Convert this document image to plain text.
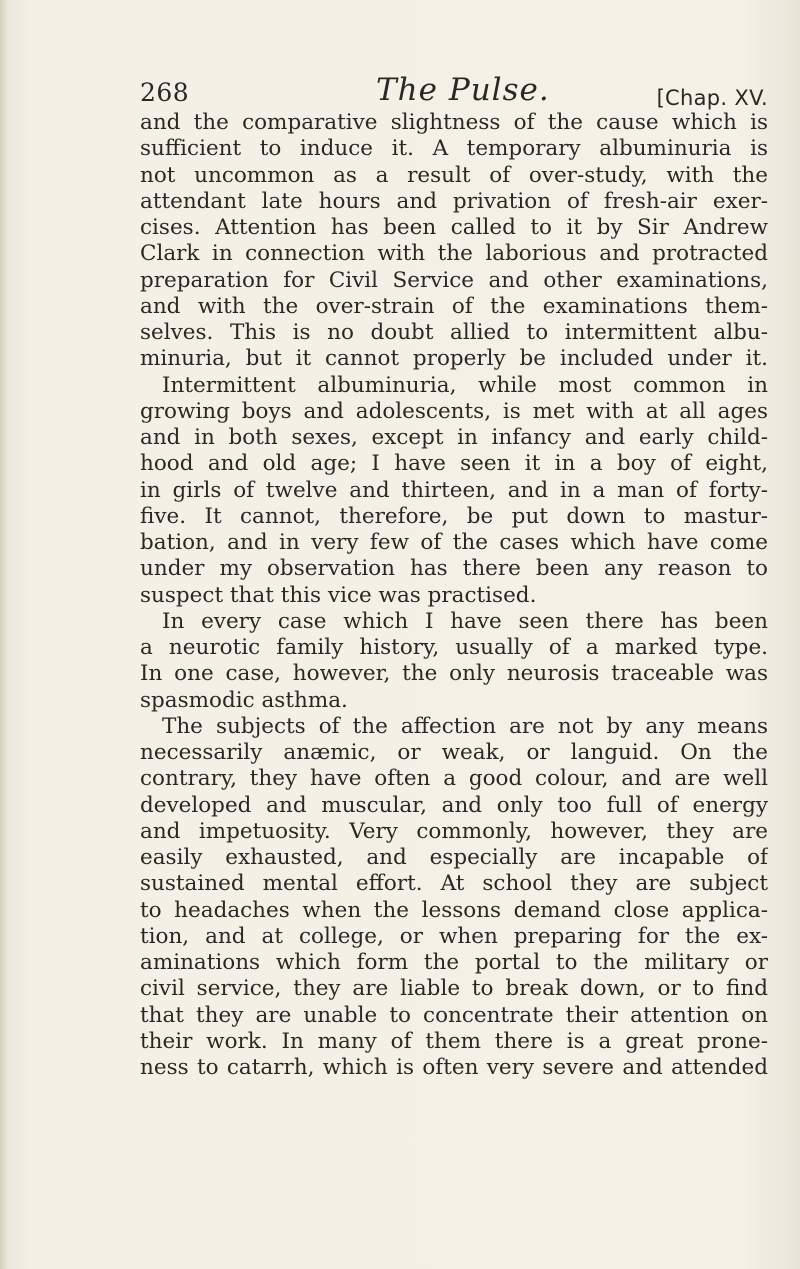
268	The Pulse.	[Chap. XV.
and the comparative slightness of the cause which is
sufficient to induce it. A temporary albuminuria is
not uncommon as a result of over-study, with the
attendant late hours and privation of fresh-air exer-
cises. Attention has been called to it by Sir Andrew
Clark in connection with the laborious and protracted
preparation for Civil Service and other examinations,
and with the over-strain of the examinations them-
selves. This is no doubt allied to intermittent albu-
minuria, but it cannot properly be included under it.
Intermittent albuminuria, while most common in
growing boys and adolescents, is met with at all ages
and in both sexes, except in infancy and early child-
hood and old age; I have seen it in a boy of eight,
in girls of twelve and thirteen, and in a man of forty-
five. It cannot, therefore, be put down to mastur-
bation, and in very few of the cases which have come
under my observation has there been any reason to
suspect that this vice was practised.
In every case which I have seen there has been
a neurotic family history, usually of a marked type.
In one case, however, the only neurosis traceable was
spasmodic asthma.
The subjects of the affection are not by any means
necessarily anæmic, or weak, or languid. On the
contrary, they have often a good colour, and are well
developed and muscular, and only too full of energy
and impetuosity. Very commonly, however, they are
easily exhausted, and especially are incapable of
sustained mental effort. At school they are subject
to headaches when the lessons demand close applica-
tion, and at college, or when preparing for the ex-
aminations which form the portal to the military or
civil service, they are liable to break down, or to find
that they are unable to concentrate their attention on
their work. In many of them there is a great prone-
ness to catarrh, which is often very severe and attended
